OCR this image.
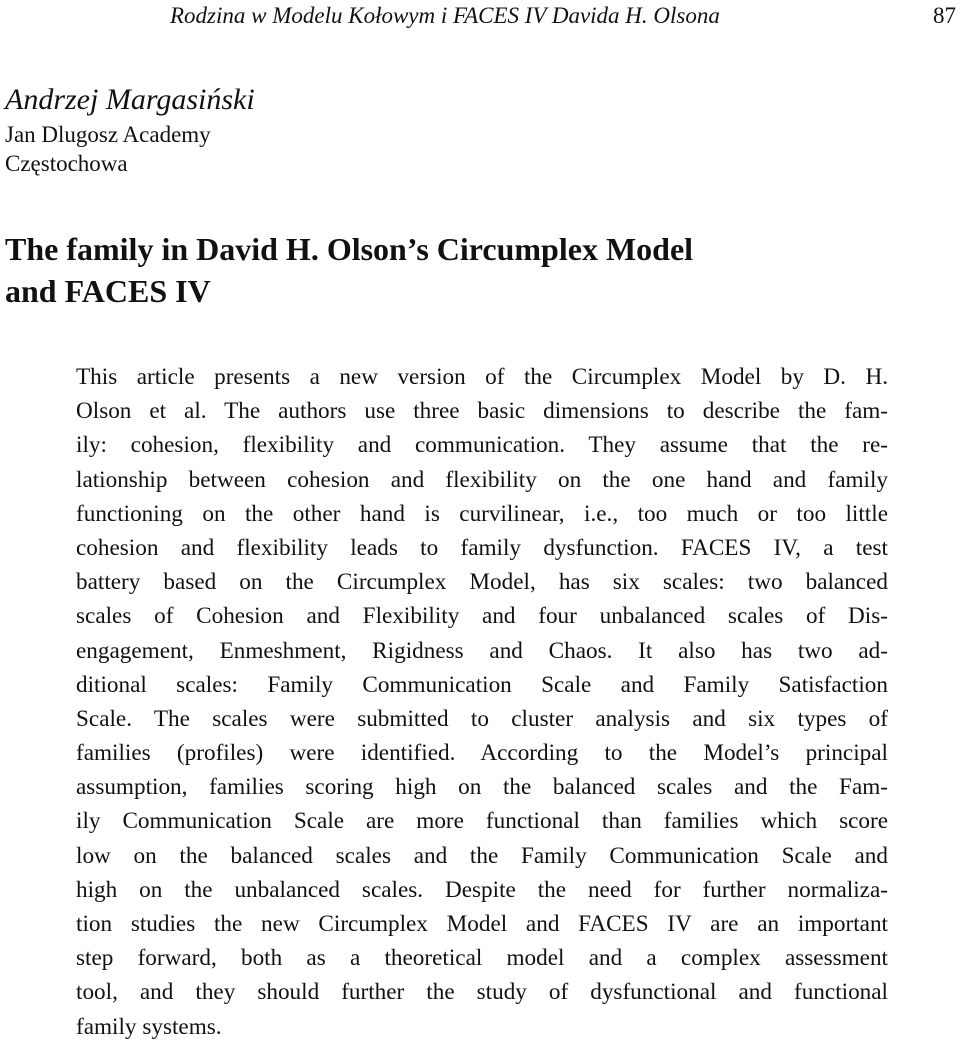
Rodzina w Modelu Kołowym i FACES IV Davida H. Olsona	87
Andrzej Margasiński
Jan Dlugosz Academy
Częstochowa
The family in David H. Olson’s Circumplex Model
and FACES IV
This article presents a new version of the Circumplex Model by D. H.
Olson et al. The authors use three basic dimensions to describe the fam-
ily: cohesion, flexibility and communication. They assume that the re-
lationship between cohesion and flexibility on the one hand and family
functioning on the other hand is curvilinear, i.e., too much or too little
cohesion and flexibility leads to family dysfunction. FACES IV, a test
battery based on the Circumplex Model, has six scales: two balanced
scales of Cohesion and Flexibility and four unbalanced scales of Dis-
engagement, Enmeshment, Rigidness and Chaos. It also has two ad-
ditional scales: Family Communication Scale and Family Satisfaction
Scale. The scales were submitted to cluster analysis and six types of
families (profiles) were identified. According to the Model’s principal
assumption, families scoring high on the balanced scales and the Fam-
ily Communication Scale are more functional than families which score
low on the balanced scales and the Family Communication Scale and
high on the unbalanced scales. Despite the need for further normaliza-
tion studies the new Circumplex Model and FACES IV are an important
step forward, both as a theoretical model and a complex assessment
tool, and they should further the study of dysfunctional and functional
family systems.
